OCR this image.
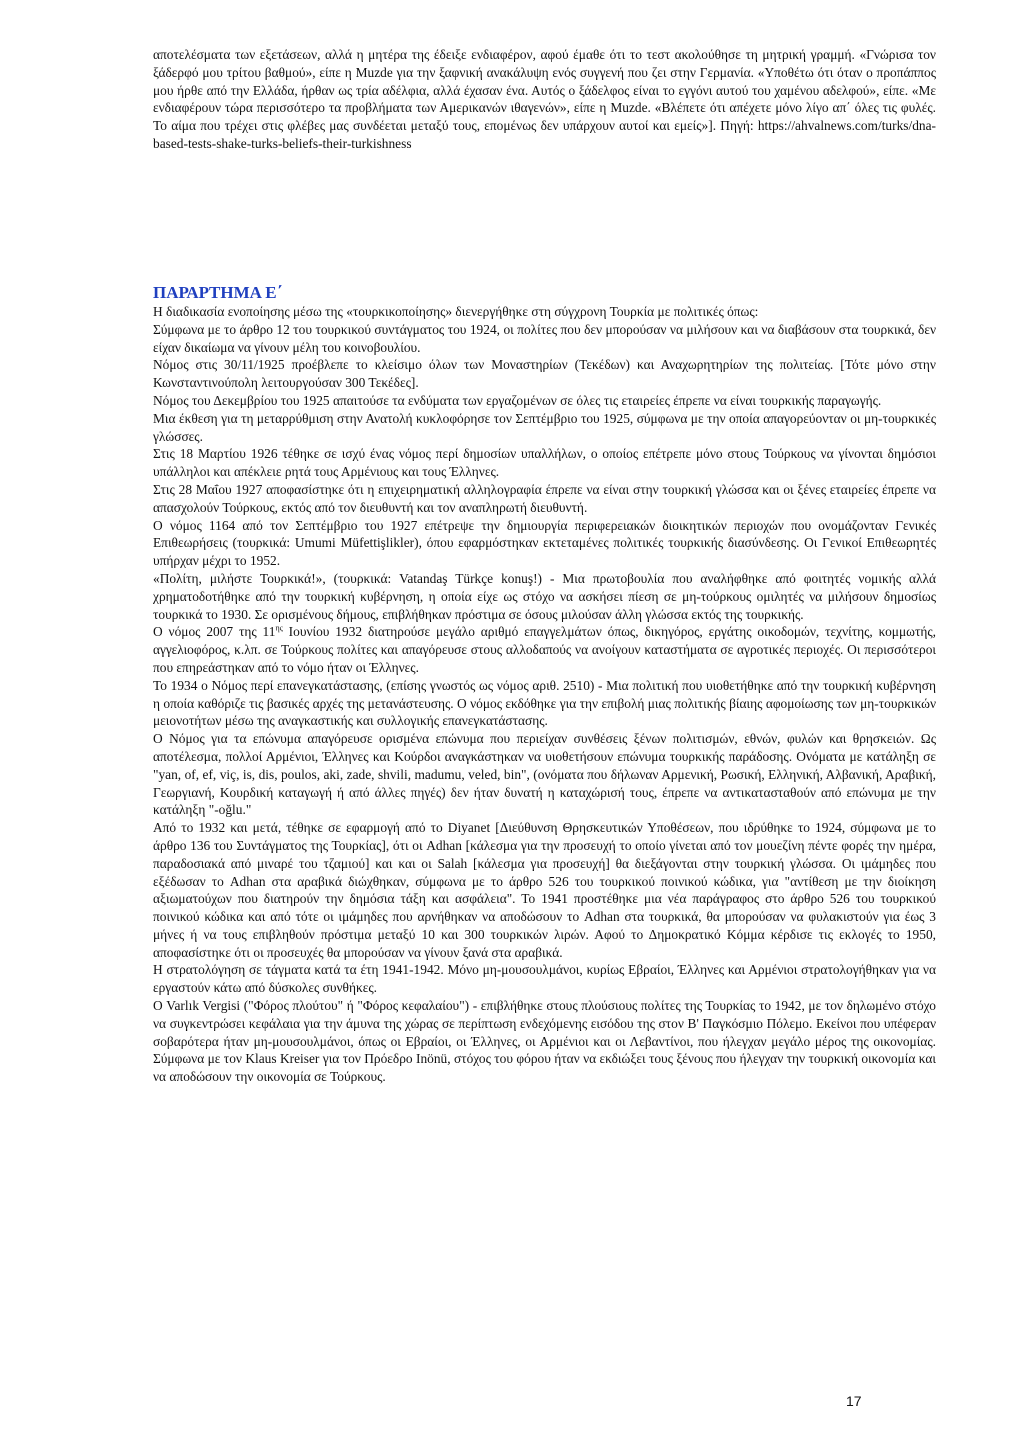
αποτελέσματα των εξετάσεων, αλλά η μητέρα της έδειξε ενδιαφέρον, αφού έμαθε ότι το τεστ ακολούθησε τη μητρική γραμμή. «Γνώρισα τον ξάδερφό μου τρίτου βαθμού», είπε η Muzde για την ξαφνική ανακάλυψη ενός συγγενή που ζει στην Γερμανία. «Υποθέτω ότι όταν ο προπάππος μου ήρθε από την Ελλάδα, ήρθαν ως τρία αδέλφια, αλλά έχασαν ένα. Αυτός ο ξάδελφος είναι το εγγόνι αυτού του χαμένου αδελφού», είπε. «Με ενδιαφέρουν τώρα περισσότερο τα προβλήματα των Αμερικανών ιθαγενών», είπε η Muzde. «Βλέπετε ότι απέχετε μόνο λίγο απ΄ όλες τις φυλές. Το αίμα που τρέχει στις φλέβες μας συνδέεται μεταξύ τους, επομένως δεν υπάρχουν αυτοί και εμείς»]. Πηγή: https://ahvalnews.com/turks/dna-based-tests-shake-turks-beliefs-their-turkishness

ΠΑΡΑΡΤΗΜΑ Ε΄

Η διαδικασία ενοποίησης μέσω της «τουρκικοποίησης» διενεργήθηκε στη σύγχρονη Τουρκία με πολιτικές όπως:

Σύμφωνα με το άρθρο 12 του τουρκικού συντάγματος του 1924, οι πολίτες που δεν μπορούσαν να μιλήσουν και να διαβάσουν στα τουρκικά, δεν είχαν δικαίωμα να γίνουν μέλη του κοινοβουλίου.

Νόμος στις 30/11/1925 προέβλεπε το κλείσιμο όλων των Μοναστηρίων (Τεκέδων) και Αναχωρητηρίων της πολιτείας. [Τότε μόνο στην Κωνσταντινούπολη λειτουργούσαν 300 Τεκέδες].

Νόμος του Δεκεμβρίου του 1925 απαιτούσε τα ενδύματα των εργαζομένων σε όλες τις εταιρείες έπρεπε να είναι τουρκικής παραγωγής.

Μια έκθεση για τη μεταρρύθμιση στην Ανατολή κυκλοφόρησε τον Σεπτέμβριο του 1925, σύμφωνα με την οποία απαγορεύονταν οι μη-τουρκικές γλώσσες.

Στις 18 Μαρτίου 1926 τέθηκε σε ισχύ ένας νόμος περί δημοσίων υπαλλήλων, ο οποίος επέτρεπε μόνο στους Τούρκους να γίνονται δημόσιοι υπάλληλοι και απέκλειε ρητά τους Αρμένιους και τους Έλληνες.

Στις 28 Μαΐου 1927 αποφασίστηκε ότι η επιχειρηματική αλληλογραφία έπρεπε να είναι στην τουρκική γλώσσα και οι ξένες εταιρείες έπρεπε να απασχολούν Τούρκους, εκτός από τον διευθυντή και τον αναπληρωτή διευθυντή.

Ο νόμος 1164 από τον Σεπτέμβριο του 1927 επέτρεψε την δημιουργία περιφερειακών διοικητικών περιοχών που ονομάζονταν Γενικές Επιθεωρήσεις (τουρκικά: Umumi Müfettişlikler), όπου εφαρμόστηκαν εκτεταμένες πολιτικές τουρκικής διασύνδεσης. Οι Γενικοί Επιθεωρητές υπήρχαν μέχρι το 1952.

«Πολίτη, μιλήστε Τουρκικά!», (τουρκικά: Vatandaş Türkçe konuş!) - Μια πρωτοβουλία που αναλήφθηκε από φοιτητές νομικής αλλά χρηματοδοτήθηκε από την τουρκική κυβέρνηση, η οποία είχε ως στόχο να ασκήσει πίεση σε μη-τούρκους ομιλητές να μιλήσουν δημοσίως τουρκικά το 1930. Σε ορισμένους δήμους, επιβλήθηκαν πρόστιμα σε όσους μιλούσαν άλλη γλώσσα εκτός της τουρκικής.

Ο νόμος 2007 της $11^{\eta\varsigma}$ Ιουνίου 1932 διατηρούσε μεγάλο αριθμό επαγγελμάτων όπως, δικηγόρος, εργάτης οικοδομών, τεχνίτης, κομμωτής, αγγελιοφόρος, κ.λπ. σε Τούρκους πολίτες και απαγόρευσε στους αλλοδαπούς να ανοίγουν καταστήματα σε αγροτικές περιοχές. Οι περισσότεροι που επηρεάστηκαν από το νόμο ήταν οι Έλληνες.

Το 1934 ο Νόμος περί επανεγκατάστασης, (επίσης γνωστός ως νόμος αριθ. 2510) - Μια πολιτική που υιοθετήθηκε από την τουρκική κυβέρνηση η οποία καθόριζε τις βασικές αρχές της μετανάστευσης. Ο νόμος εκδόθηκε για την επιβολή μιας πολιτικής βίαιης αφομοίωσης των μη-τουρκικών μειονοτήτων μέσω της αναγκαστικής και συλλογικής επανεγκατάστασης.

Ο Νόμος για τα επώνυμα απαγόρευσε ορισμένα επώνυμα που περιείχαν συνθέσεις ξένων πολιτισμών, εθνών, φυλών και θρησκειών. Ως αποτέλεσμα, πολλοί Αρμένιοι, Έλληνες και Κούρδοι αναγκάστηκαν να υιοθετήσουν επώνυμα τουρκικής παράδοσης. Ονόματα με κατάληξη σε "yan, of, ef, viç, is, dis, poulos, aki, zade, shvili, madumu, veled, bin", (ονόματα που δήλωναν Αρμενική, Ρωσική, Ελληνική, Αλβανική, Αραβική, Γεωργιανή, Κουρδική καταγωγή ή από άλλες πηγές) δεν ήταν δυνατή η καταχώρισή τους, έπρεπε να αντικατασταθούν από επώνυμα με την κατάληξη "-oğlu."

Από το 1932 και μετά, τέθηκε σε εφαρμογή από το Diyanet [Διεύθυνση Θρησκευτικών Υποθέσεων, που ιδρύθηκε το 1924, σύμφωνα με το άρθρο 136 του Συντάγματος της Τουρκίας], ότι οι Adhan [κάλεσμα για την προσευχή το οποίο γίνεται από τον μουεζίνη πέντε φορές την ημέρα, παραδοσιακά από μιναρέ του τζαμιού] και και οι Salah [κάλεσμα για προσευχή] θα διεξάγονται στην τουρκική γλώσσα. Οι ιμάμηδες που εξέδωσαν το Adhan στα αραβικά διώχθηκαν, σύμφωνα με το άρθρο 526 του τουρκικού ποινικού κώδικα, για "αντίθεση με την διοίκηση αξιωματούχων που διατηρούν την δημόσια τάξη και ασφάλεια". Το 1941 προστέθηκε μια νέα παράγραφος στο άρθρο 526 του τουρκικού ποινικού κώδικα και από τότε οι ιμάμηδες που αρνήθηκαν να αποδώσουν το Adhan στα τουρκικά, θα μπορούσαν να φυλακιστούν για έως 3 μήνες ή να τους επιβληθούν πρόστιμα μεταξύ 10 και 300 τουρκικών λιρών. Αφού το Δημοκρατικό Κόμμα κέρδισε τις εκλογές το 1950, αποφασίστηκε ότι οι προσευχές θα μπορούσαν να γίνουν ξανά στα αραβικά.

Η στρατολόγηση σε τάγματα κατά τα έτη 1941-1942. Μόνο μη-μουσουλμάνοι, κυρίως Εβραίοι, Έλληνες και Αρμένιοι στρατολογήθηκαν για να εργαστούν κάτω από δύσκολες συνθήκες.

Ο Varlık Vergisi ("Φόρος πλούτου" ή "Φόρος κεφαλαίου") - επιβλήθηκε στους πλούσιους πολίτες της Τουρκίας το 1942, με τον δηλωμένο στόχο να συγκεντρώσει κεφάλαια για την άμυνα της χώρας σε περίπτωση ενδεχόμενης εισόδου της στον Β' Παγκόσμιο Πόλεμο. Εκείνοι που υπέφεραν σοβαρότερα ήταν μη-μουσουλμάνοι, όπως οι Εβραίοι, οι Έλληνες, οι Αρμένιοι και οι Λεβαντίνοι, που ήλεγχαν μεγάλο μέρος της οικονομίας. Σύμφωνα με τον Klaus Kreiser για τον Πρόεδρο Inönü, στόχος του φόρου ήταν να εκδιώξει τους ξένους που ήλεγχαν την τουρκική οικονομία και να αποδώσουν την οικονομία σε Τούρκους.

17
